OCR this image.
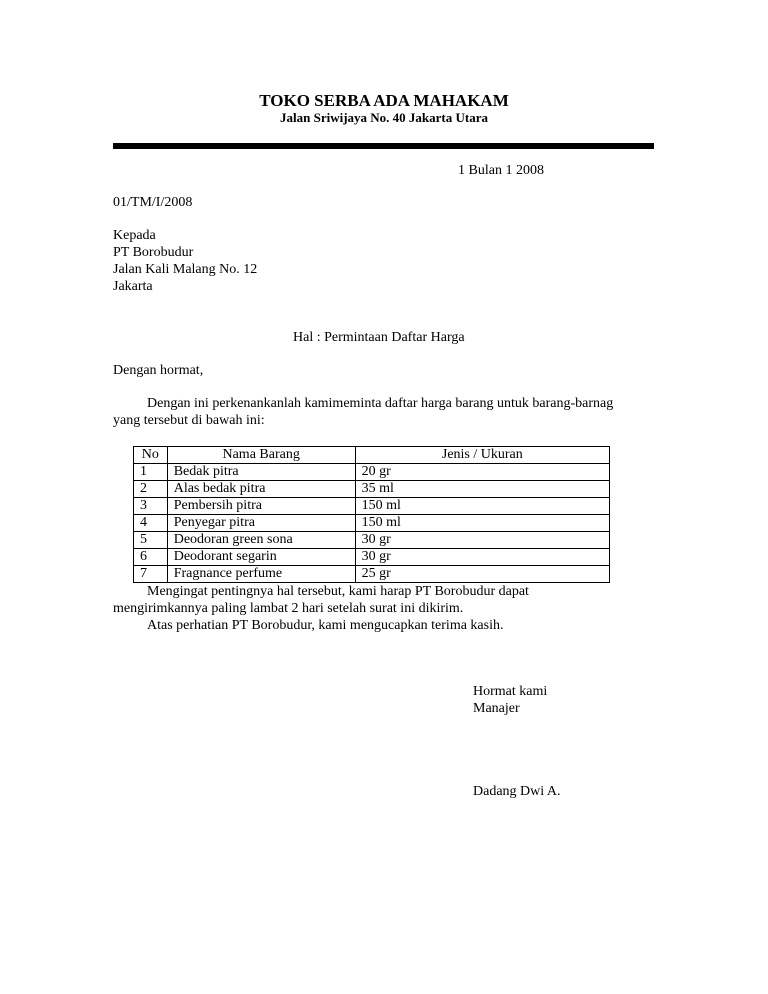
TOKO SERBA ADA MAHAKAM
Jalan Sriwijaya No. 40 Jakarta Utara
1 Bulan 1 2008
01/TM/I/2008
Kepada
PT Borobudur
Jalan Kali Malang No. 12
Jakarta
Hal : Permintaan Daftar Harga
Dengan hormat,
Dengan ini perkenankanlah kamimeminta daftar harga barang untuk barang-barnag
yang tersebut di bawah ini:
No	Nama Barang	Jenis / Ukuran
1	Bedak pitra	20 gr
2	Alas bedak pitra	35 ml
3	Pembersih pitra	150 ml
4	Penyegar pitra	150 ml
5	Deodoran green sona	30 gr
6	Deodorant segarin	30 gr
7	Fragnance perfume	25 gr
Mengingat pentingnya hal tersebut, kami harap PT Borobudur dapat
mengirimkannya paling lambat 2 hari setelah surat ini dikirim.
Atas perhatian PT Borobudur, kami mengucapkan terima kasih.
Hormat kami
Manajer
Dadang Dwi A.
